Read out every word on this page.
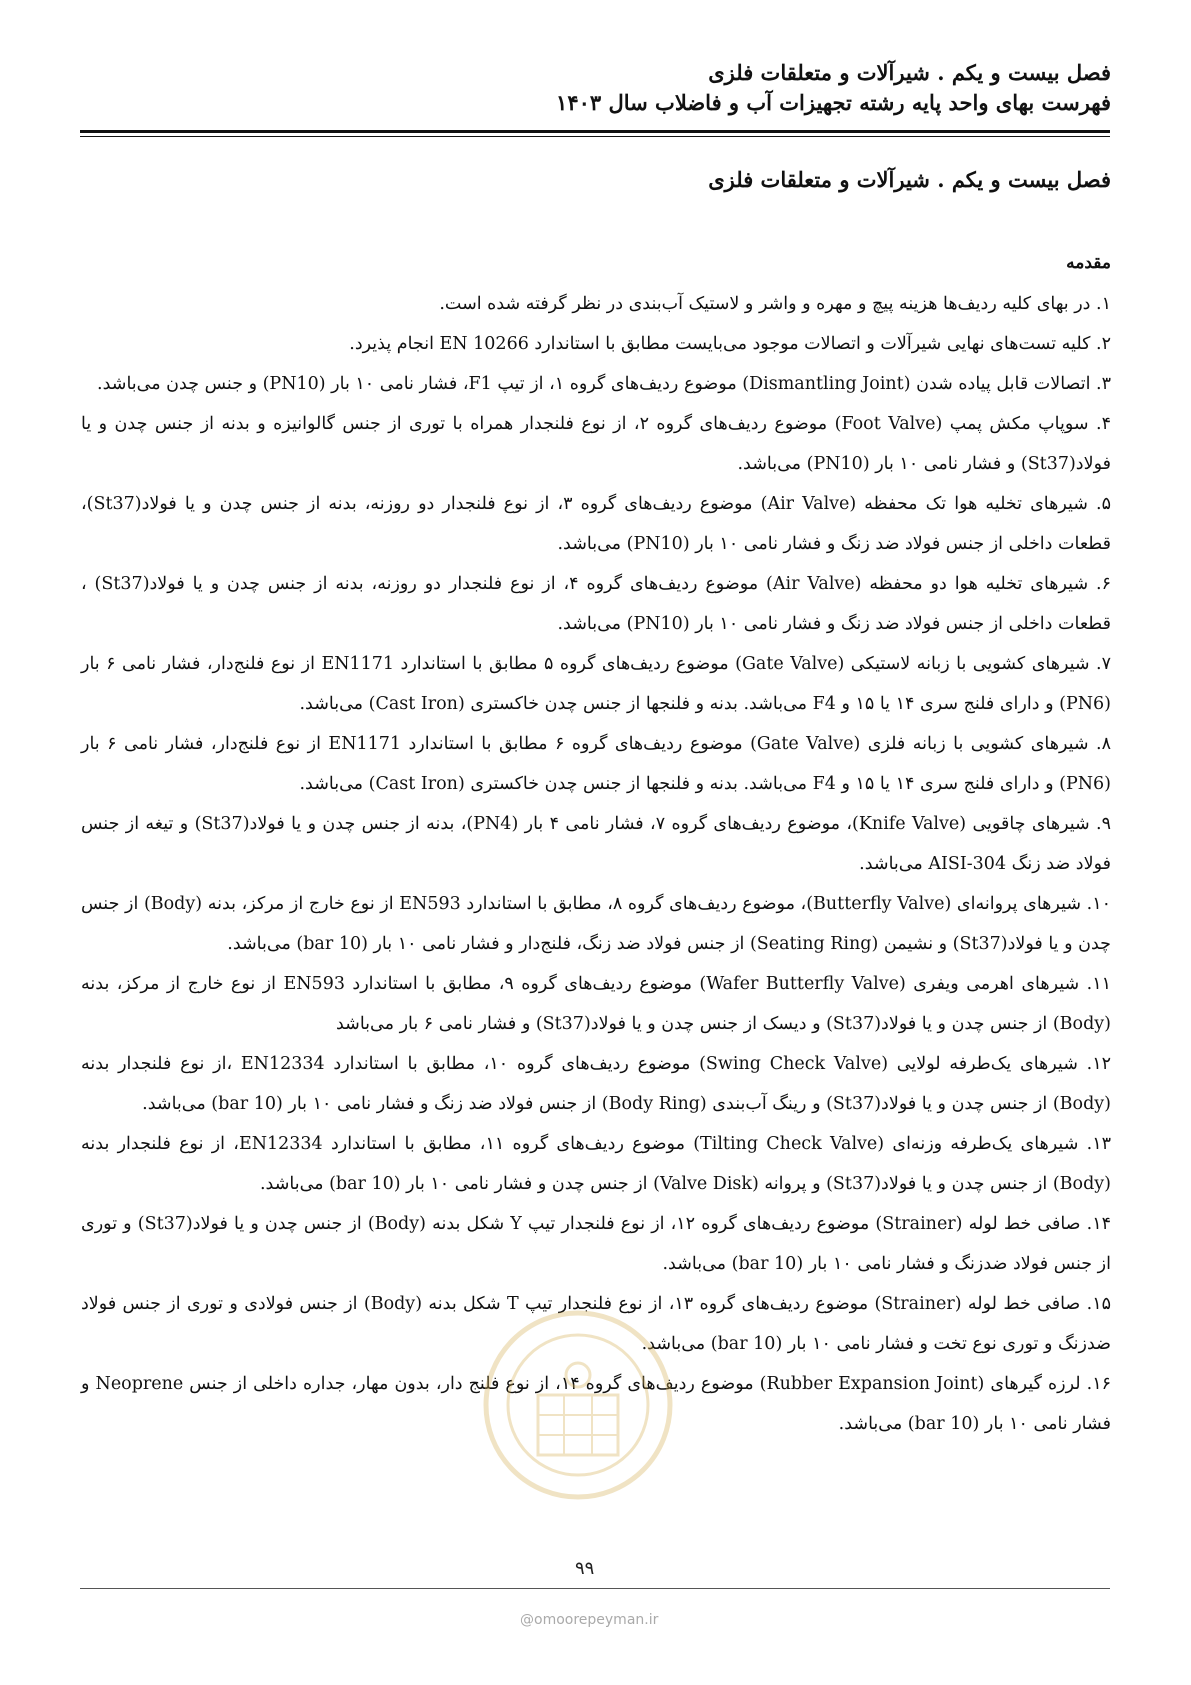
فصل بیست و یکم . شیرآلات و متعلقات فلزی
فهرست بهای واحد پایه رشته تجهیزات آب و فاضلاب سال ۱۴۰۳
فصل بیست و یکم . شیرآلات و متعلقات فلزی
مقدمه
۱. در بهای کلیه ردیف‌ها هزینه پیچ و مهره و واشر و لاستیک آب‌بندی در نظر گرفته شده است.
۲. کلیه تست‌های نهایی شیرآلات و اتصالات موجود می‌بایست مطابق با استاندارد EN 10266 انجام پذیرد.
۳. اتصالات قابل پیاده شدن (Dismantling Joint) موضوع ردیف‌های گروه ۱، از تیپ F1، فشار نامی ۱۰ بار (PN10) و جنس چدن می‌باشد.
۴. سوپاپ مکش پمپ (Foot Valve) موضوع ردیف‌های گروه ۲، از نوع فلنجدار همراه با توری از جنس گالوانیزه و بدنه از جنس چدن و یا فولاد(St37) و فشار نامی ۱۰ بار (PN10) می‌باشد.
۵. شیرهای تخلیه هوا تک محفظه (Air Valve) موضوع ردیف‌های گروه ۳، از نوع فلنجدار دو روزنه، بدنه از جنس چدن و یا فولاد(St37)، قطعات داخلی از جنس فولاد ضد زنگ و فشار نامی ۱۰ بار (PN10) می‌باشد.
۶. شیرهای تخلیه هوا دو محفظه (Air Valve) موضوع ردیف‌های گروه ۴، از نوع فلنجدار دو روزنه، بدنه از جنس چدن و یا فولاد(St37) ، قطعات داخلی از جنس فولاد ضد زنگ و فشار نامی ۱۰ بار (PN10) می‌باشد.
۷. شیرهای کشویی با زبانه لاستیکی (Gate Valve) موضوع ردیف‌های گروه ۵ مطابق با استاندارد EN1171 از نوع فلنج‌دار، فشار نامی ۶ بار (PN6) و دارای فلنج سری ۱۴ یا ۱۵ و F4 می‌باشد. بدنه و فلنجها از جنس چدن خاکستری (Cast Iron) می‌باشد.
۸. شیرهای کشویی با زبانه فلزی (Gate Valve) موضوع ردیف‌های گروه ۶ مطابق با استاندارد EN1171 از نوع فلنج‌دار، فشار نامی ۶ بار (PN6) و دارای فلنج سری ۱۴ یا ۱۵ و F4 می‌باشد. بدنه و فلنجها از جنس چدن خاکستری (Cast Iron) می‌باشد.
۹. شیرهای چاقویی (Knife Valve)، موضوع ردیف‌های گروه ۷، فشار نامی ۴ بار (PN4)، بدنه از جنس چدن و یا فولاد(St37) و تیغه از جنس فولاد ضد زنگ AISI-304 می‌باشد.
۱۰. شیرهای پروانه‌ای (Butterfly Valve)، موضوع ردیف‌های گروه ۸، مطابق با استاندارد EN593 از نوع خارج از مرکز، بدنه (Body) از جنس چدن و یا فولاد(St37) و نشیمن (Seating Ring) از جنس فولاد ضد زنگ، فلنج‌دار و فشار نامی ۱۰ بار (10 bar) می‌باشد.
۱۱. شیرهای اهرمی ویفری (Wafer Butterfly Valve) موضوع ردیف‌های گروه ۹، مطابق با استاندارد EN593 از نوع خارج از مرکز، بدنه (Body) از جنس چدن و یا فولاد(St37) و دیسک از جنس چدن و یا فولاد(St37) و فشار نامی ۶ بار می‌باشد
۱۲. شیرهای یک‌طرفه لولایی (Swing Check Valve) موضوع ردیف‌های گروه ۱۰، مطابق با استاندارد EN12334 ،از نوع فلنجدار بدنه (Body) از جنس چدن و یا فولاد(St37) و رینگ آب‌بندی (Body Ring) از جنس فولاد ضد زنگ و فشار نامی ۱۰ بار (10 bar) می‌باشد.
۱۳. شیرهای یک‌طرفه وزنه‌ای (Tilting Check Valve) موضوع ردیف‌های گروه ۱۱، مطابق با استاندارد EN12334، از نوع فلنجدار بدنه (Body) از جنس چدن و یا فولاد(St37) و پروانه (Valve Disk) از جنس چدن و فشار نامی ۱۰ بار (10 bar) می‌باشد.
۱۴. صافی خط لوله (Strainer) موضوع ردیف‌های گروه ۱۲، از نوع فلنجدار تیپ Y شکل بدنه (Body) از جنس چدن و یا فولاد(St37) و توری از جنس فولاد ضدزنگ و فشار نامی ۱۰ بار (10 bar) می‌باشد.
۱۵. صافی خط لوله (Strainer) موضوع ردیف‌های گروه ۱۳، از نوع فلنجدار تیپ T شکل بدنه (Body) از جنس فولادی و توری از جنس فولاد ضدزنگ و توری نوع تخت و فشار نامی ۱۰ بار (10 bar) می‌باشد.
۱۶. لرزه گیرهای (Rubber Expansion Joint) موضوع ردیف‌های گروه ۱۴، از نوع فلنج دار، بدون مهار، جداره داخلی از جنس Neoprene و فشار نامی ۱۰ بار (10 bar) می‌باشد.
۹۹
@omoorepeyman.ir
